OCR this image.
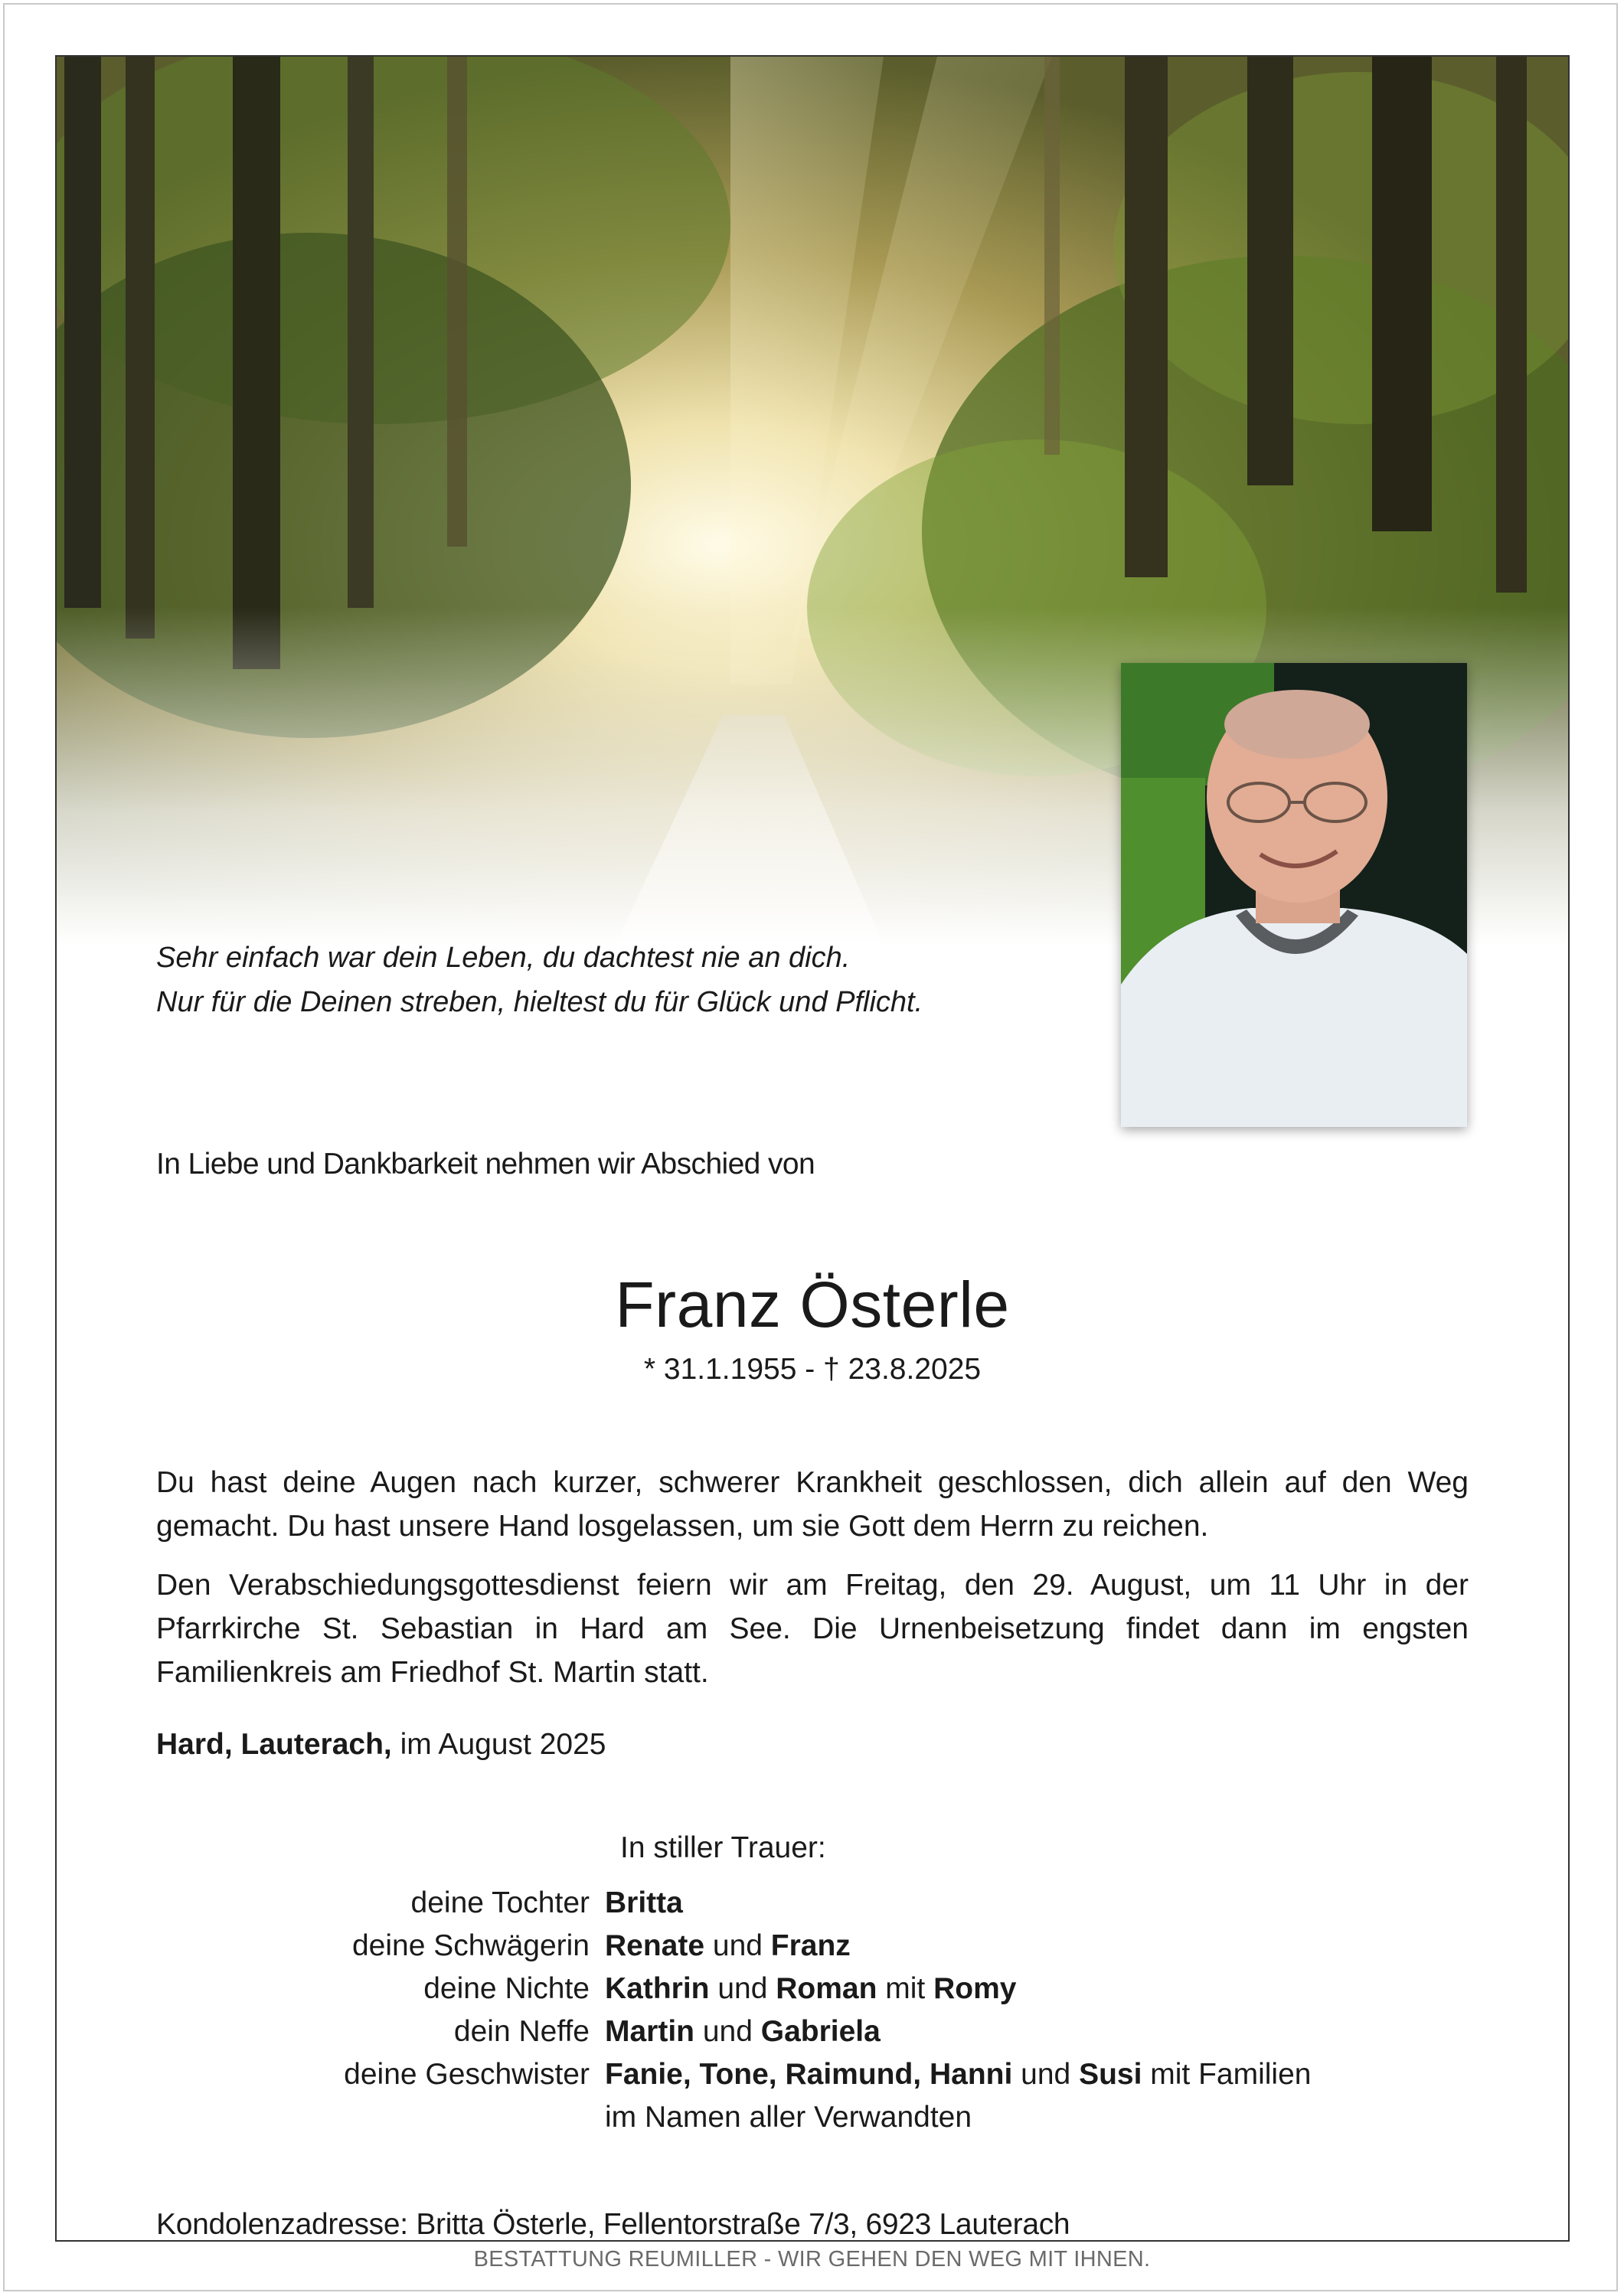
Sehr einfach war dein Leben, du dachtest nie an dich.
Nur für die Deinen streben, hieltest du für Glück und Pflicht.
In Liebe und Dankbarkeit nehmen wir Abschied von
Franz Österle
* 31.1.1955 - † 23.8.2025

Du hast deine Augen nach kurzer, schwerer Krankheit geschlossen, dich allein auf den Weg gemacht. Du hast unsere Hand losgelassen, um sie Gott dem Herrn zu reichen.

Den Verabschiedungsgottesdienst feiern wir am Freitag, den 29. August, um 11 Uhr in der Pfarrkirche St. Sebastian in Hard am See. Die Urnenbeisetzung findet dann im engsten Familienkreis am Friedhof St. Martin statt.

Hard, Lauterach, im August 2025
In stiller Trauer:
deine Tochter Britta
deine Schwägerin Renate und Franz
deine Nichte Kathrin und Roman mit Romy
dein Neffe Martin und Gabriela
deine Geschwister Fanie, Tone, Raimund, Hanni und Susi mit Familien
im Namen aller Verwandten
Kondolenzadresse: Britta Österle, Fellentorstraße 7/3, 6923 Lauterach
BESTATTUNG REUMILLER - WIR GEHEN DEN WEG MIT IHNEN.
